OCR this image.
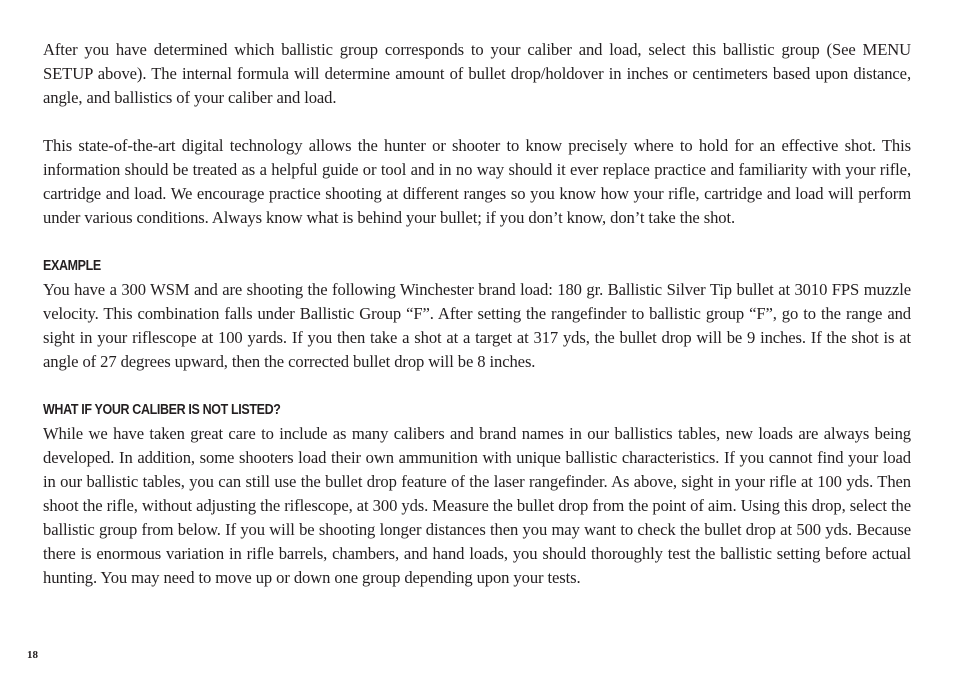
After you have determined which ballistic group corresponds to your caliber and load, select this ballistic group (See MENU SETUP above). The internal formula will determine amount of bullet drop/holdover in inches or centimeters based upon distance, angle, and ballistics of your caliber and load.

This state-of-the-art digital technology allows the hunter or shooter to know precisely where to hold for an effective shot. This information should be treated as a helpful guide or tool and in no way should it ever replace practice and familiarity with your rifle, cartridge and load. We encourage practice shooting at different ranges so you know how your rifle, cartridge and load will perform under various conditions. Always know what is behind your bullet; if you don’t know, don’t take the shot.

EXAMPLE

You have a 300 WSM and are shooting the following Winchester brand load: 180 gr. Ballistic Silver Tip bullet at 3010 FPS muzzle velocity. This combination falls under Ballistic Group “F”. After setting the rangefinder to ballistic group “F”, go to the range and sight in your riflescope at 100 yards. If you then take a shot at a target at 317 yds, the bullet drop will be 9 inches. If the shot is at angle of 27 degrees upward, then the corrected bullet drop will be 8 inches.

WHAT IF YOUR CALIBER IS NOT LISTED?

While we have taken great care to include as many calibers and brand names in our ballistics tables, new loads are always being developed. In addition, some shooters load their own ammunition with unique ballistic characteristics. If you cannot find your load in our ballistic tables, you can still use the bullet drop feature of the laser rangefinder. As above, sight in your rifle at 100 yds. Then shoot the rifle, without adjusting the riflescope, at 300 yds. Measure the bullet drop from the point of aim. Using this drop, select the ballistic group from below. If you will be shooting longer distances then you may want to check the bullet drop at 500 yds. Because there is enormous variation in rifle barrels, chambers, and hand loads, you should thoroughly test the ballistic setting before actual hunting. You may need to move up or down one group depending upon your tests.

18
